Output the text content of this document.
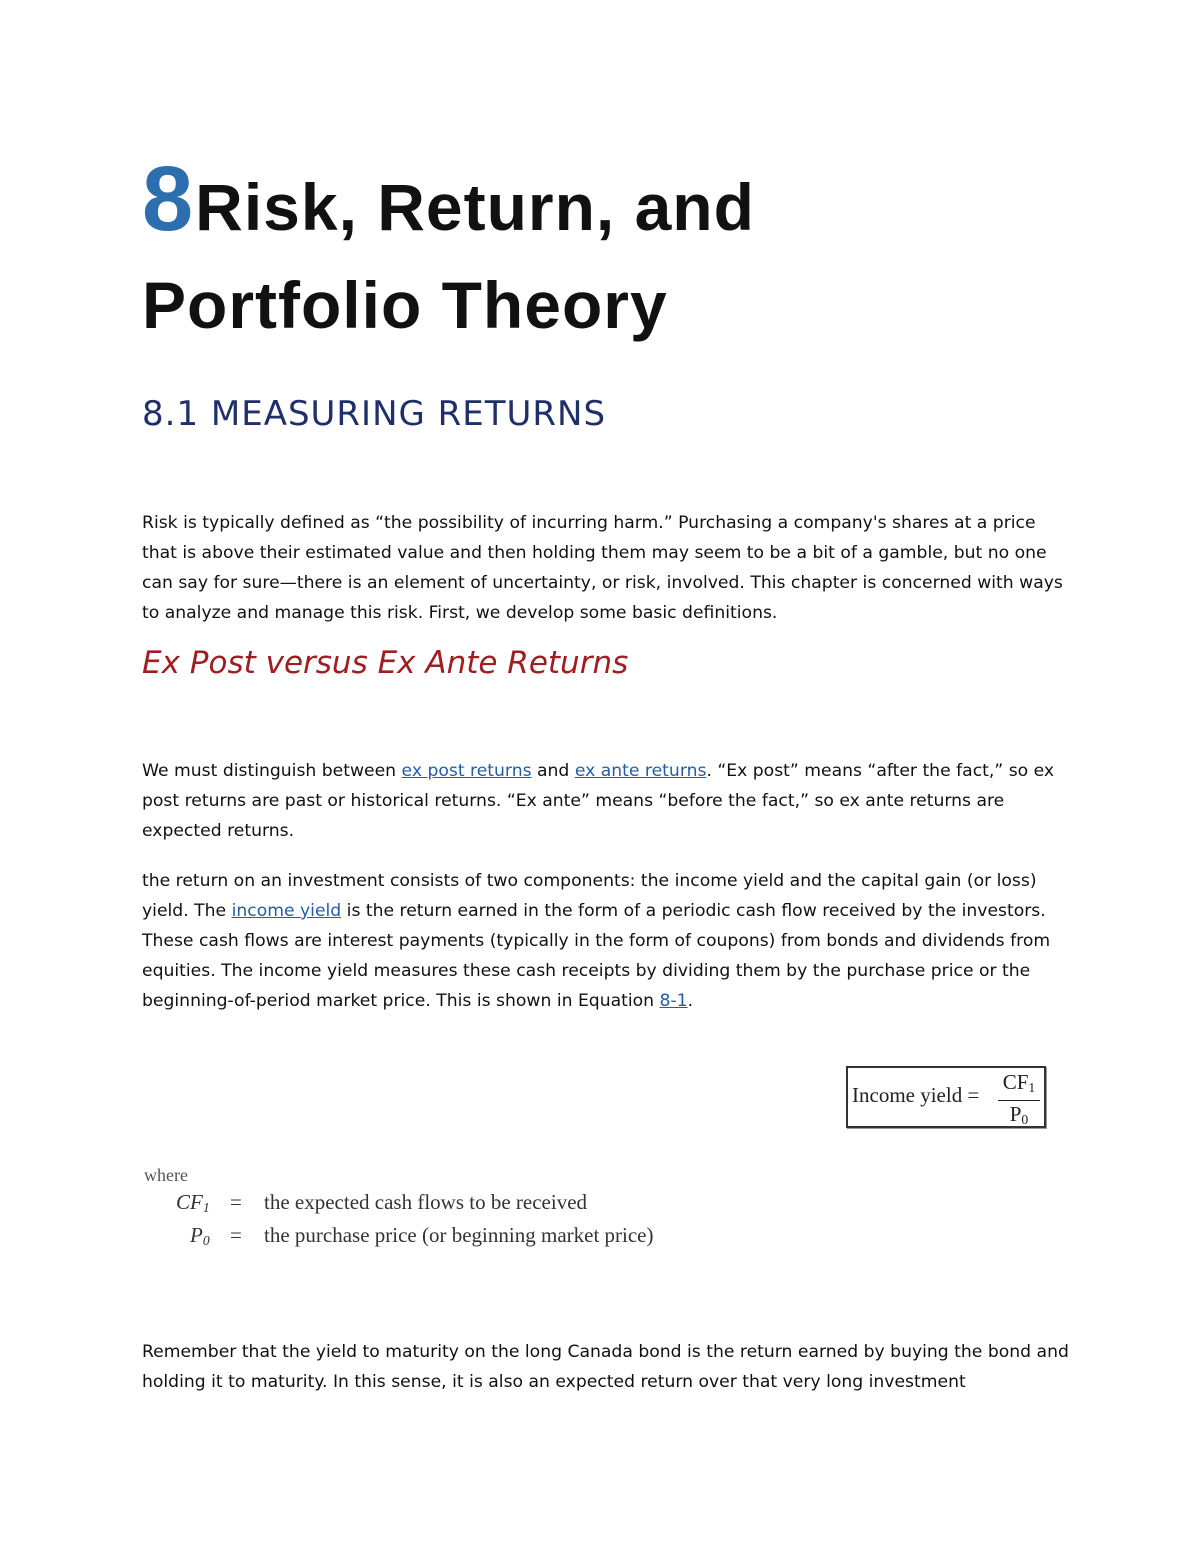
8Risk, Return, and
Portfolio Theory
8.1 MEASURING RETURNS

Risk is typically defined as “the possibility of incurring harm.” Purchasing a company's shares at a price that is above their estimated value and then holding them may seem to be a bit of a gamble, but no one can say for sure—there is an element of uncertainty, or risk, involved. This chapter is concerned with ways to analyze and manage this risk. First, we develop some basic definitions.

Ex Post versus Ex Ante Returns

We must distinguish between ex post returns and ex ante returns. “Ex post” means “after the fact,” so ex post returns are past or historical returns. “Ex ante” means “before the fact,” so ex ante returns are expected returns.

the return on an investment consists of two components: the income yield and the capital gain (or loss) yield. The income yield is the return earned in the form of a periodic cash flow received by the investors. These cash flows are interest payments (typically in the form of coupons) from bonds and dividends from equities. The income yield measures these cash receipts by dividing them by the purchase price or the beginning-of-period market price. This is shown in Equation 8-1.

Income yield = $\frac{CF_1}{P_0}$
where
$CF_1$ = the expected cash flows to be received
$P_0$ = the purchase price (or beginning market price)

Remember that the yield to maturity on the long Canada bond is the return earned by buying the bond and holding it to maturity. In this sense, it is also an expected return over that very long investment
